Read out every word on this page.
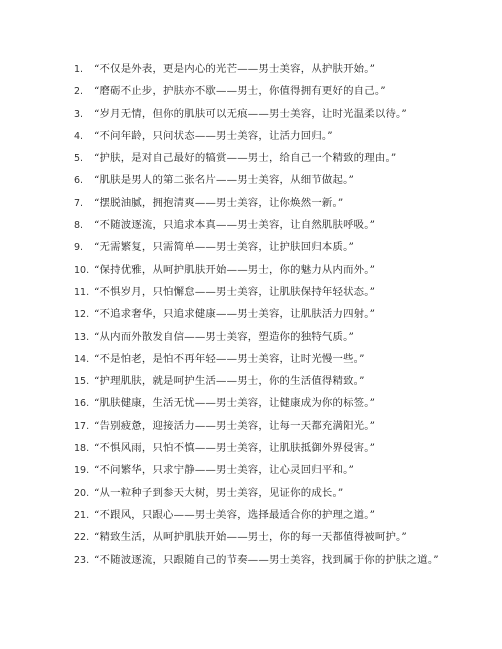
1. “不仅是外表，更是内心的光芒——男士美容，从护肤开始。”
2. “磨砺不止步，护肤亦不歇——男士，你值得拥有更好的自己。”
3. “岁月无情，但你的肌肤可以无痕——男士美容，让时光温柔以待。”
4. “不问年龄，只问状态——男士美容，让活力回归。”
5. “护肤，是对自己最好的犒赏——男士，给自己一个精致的理由。”
6. “肌肤是男人的第二张名片——男士美容，从细节做起。”
7. “摆脱油腻，拥抱清爽——男士美容，让你焕然一新。”
8. “不随波逐流，只追求本真——男士美容，让自然肌肤呼吸。”
9. “无需繁复，只需简单——男士美容，让护肤回归本质。”
10. “保持优雅，从呵护肌肤开始——男士，你的魅力从内而外。”
11. “不惧岁月，只怕懈怠——男士美容，让肌肤保持年轻状态。”
12. “不追求奢华，只追求健康——男士美容，让肌肤活力四射。”
13. “从内而外散发自信——男士美容，塑造你的独特气质。”
14. “不是怕老，是怕不再年轻——男士美容，让时光慢一些。”
15. “护理肌肤，就是呵护生活——男士，你的生活值得精致。”
16. “肌肤健康，生活无忧——男士美容，让健康成为你的标签。”
17. “告别疲惫，迎接活力——男士美容，让每一天都充满阳光。”
18. “不惧风雨，只怕不慎——男士美容，让肌肤抵御外界侵害。”
19. “不问繁华，只求宁静——男士美容，让心灵回归平和。”
20. “从一粒种子到参天大树，男士美容，见证你的成长。”
21. “不跟风，只跟心——男士美容，选择最适合你的护理之道。”
22. “精致生活，从呵护肌肤开始——男士，你的每一天都值得被呵护。”
23. “不随波逐流，只跟随自己的节奏——男士美容，找到属于你的护肤之道。”
